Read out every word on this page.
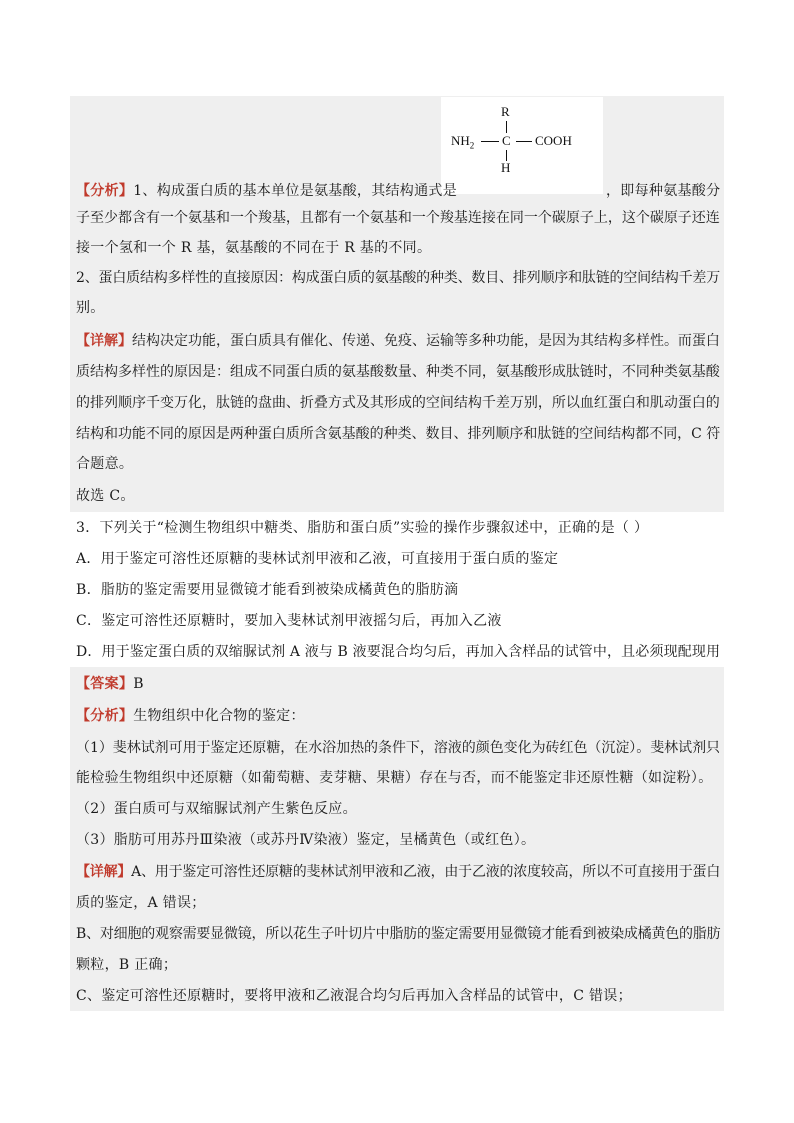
R
$NH_2$ C COOH
H
【分析】1、构成蛋白质的基本单位是氨基酸，其结构通式是	，即每种氨基酸分
子至少都含有一个氨基和一个羧基，且都有一个氨基和一个羧基连接在同一个碳原子上，这个碳原子还连
接一个氢和一个 R 基，氨基酸的不同在于 R 基的不同。
2、蛋白质结构多样性的直接原因：构成蛋白质的氨基酸的种类、数目、排列顺序和肽链的空间结构千差万
别。
【详解】结构决定功能，蛋白质具有催化、传递、免疫、运输等多种功能，是因为其结构多样性。而蛋白
质结构多样性的原因是：组成不同蛋白质的氨基酸数量、种类不同，氨基酸形成肽链时，不同种类氨基酸
的排列顺序千变万化，肽链的盘曲、折叠方式及其形成的空间结构千差万别，所以血红蛋白和肌动蛋白的
结构和功能不同的原因是两种蛋白质所含氨基酸的种类、数目、排列顺序和肽链的空间结构都不同，C 符
合题意。
故选 C。
3．下列关于“检测生物组织中糖类、脂肪和蛋白质”实验的操作步骤叙述中，正确的是（ ）
A．用于鉴定可溶性还原糖的斐林试剂甲液和乙液，可直接用于蛋白质的鉴定
B．脂肪的鉴定需要用显微镜才能看到被染成橘黄色的脂肪滴
C．鉴定可溶性还原糖时，要加入斐林试剂甲液摇匀后，再加入乙液
D．用于鉴定蛋白质的双缩脲试剂 A 液与 B 液要混合均匀后，再加入含样品的试管中，且必须现配现用
【答案】B
【分析】生物组织中化合物的鉴定：
（1）斐林试剂可用于鉴定还原糖，在水浴加热的条件下，溶液的颜色变化为砖红色（沉淀）。斐林试剂只
能检验生物组织中还原糖（如葡萄糖、麦芽糖、果糖）存在与否，而不能鉴定非还原性糖（如淀粉）。
（2）蛋白质可与双缩脲试剂产生紫色反应。
（3）脂肪可用苏丹Ⅲ染液（或苏丹Ⅳ染液）鉴定，呈橘黄色（或红色）。
【详解】A、用于鉴定可溶性还原糖的斐林试剂甲液和乙液，由于乙液的浓度较高，所以不可直接用于蛋白
质的鉴定，A 错误；
B、对细胞的观察需要显微镜，所以花生子叶切片中脂肪的鉴定需要用显微镜才能看到被染成橘黄色的脂肪
颗粒，B 正确；
C、鉴定可溶性还原糖时，要将甲液和乙液混合均匀后再加入含样品的试管中，C 错误；
